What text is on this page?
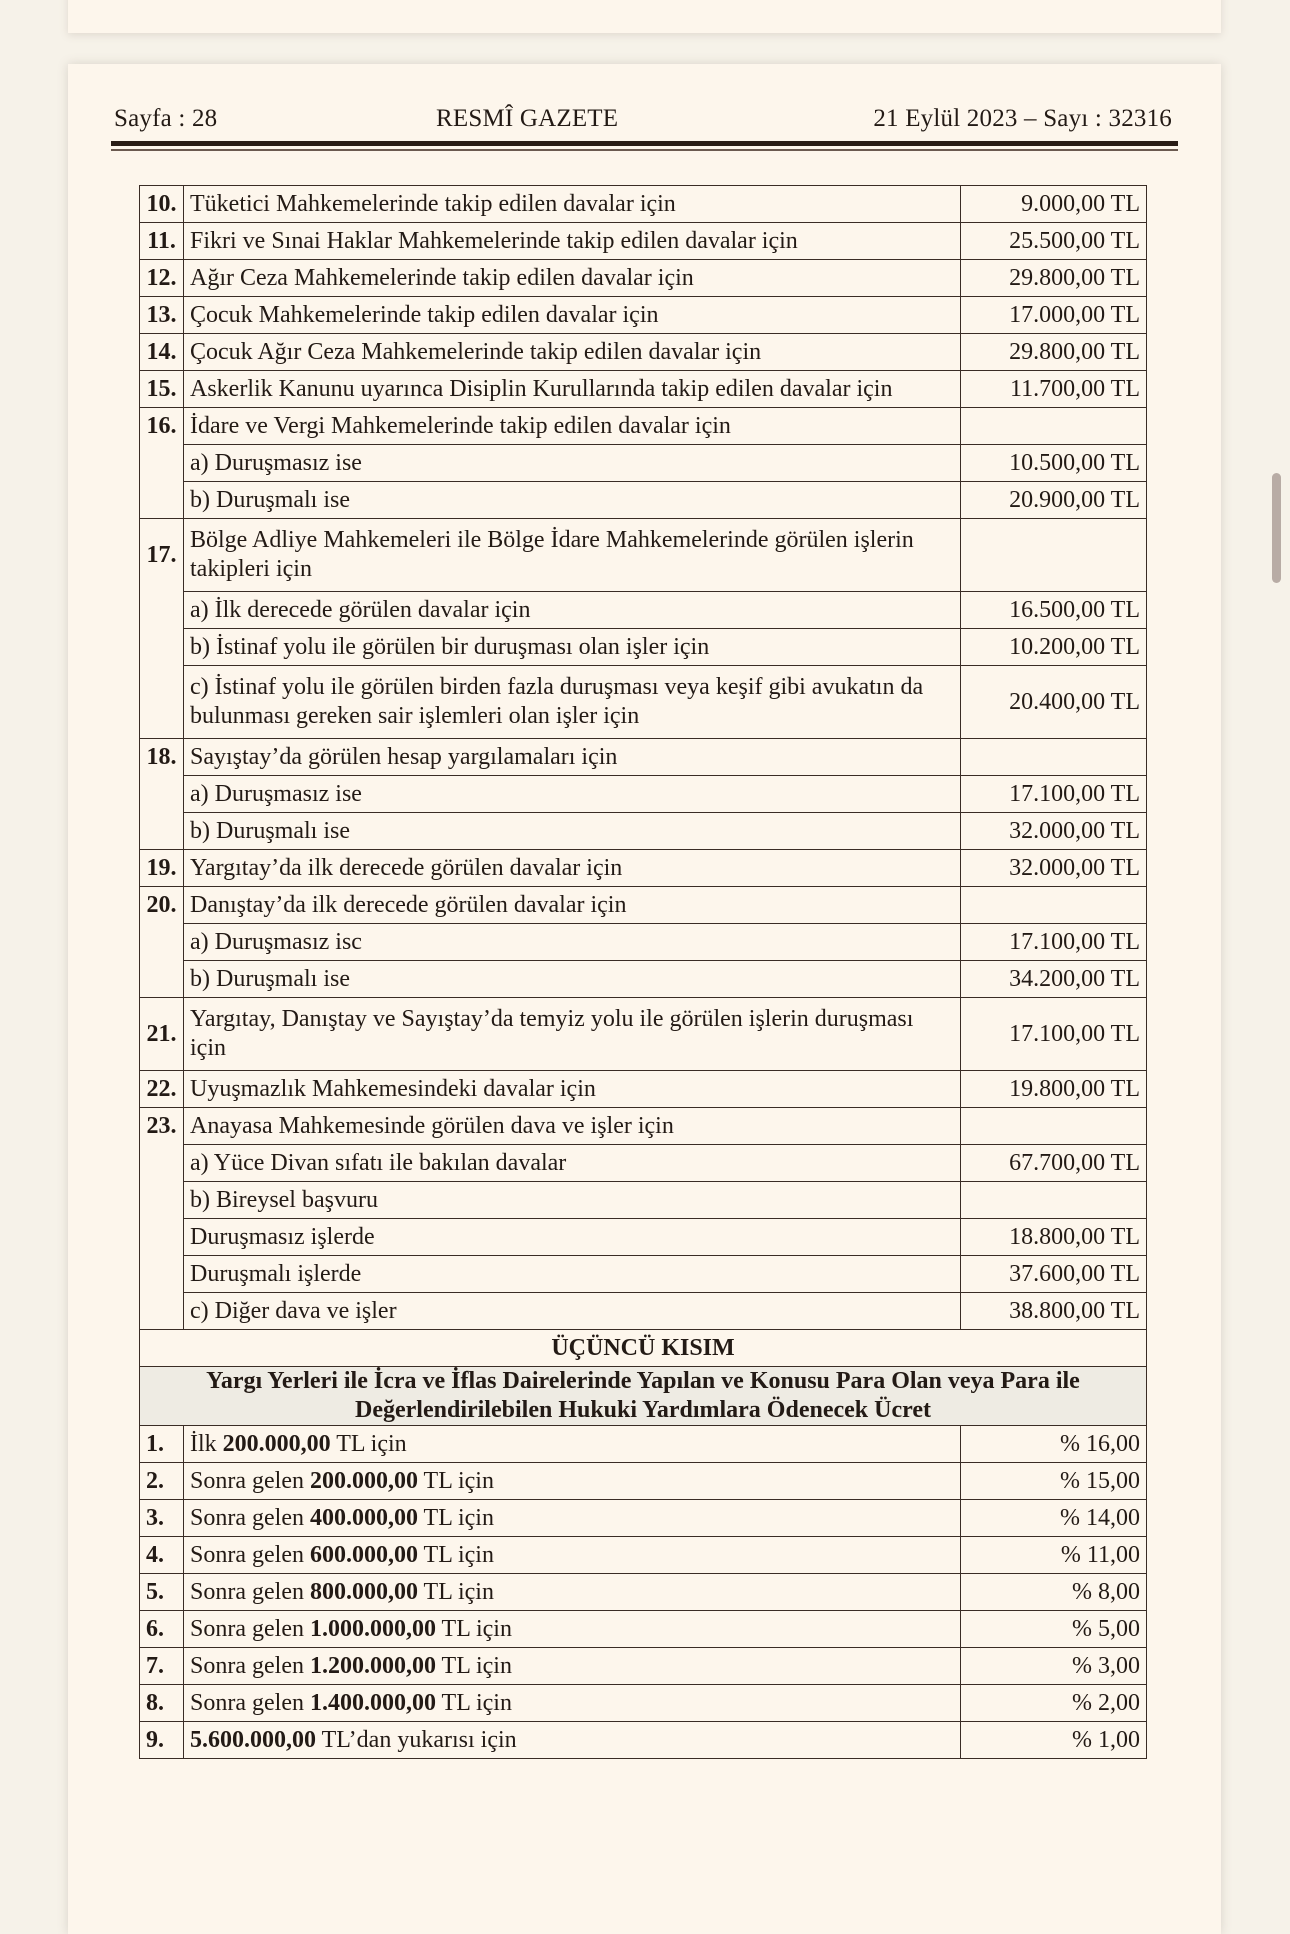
Sayfa : 28	RESMÎ GAZETE	21 Eylül 2023 – Sayı : 32316
10.	Tüketici Mahkemelerinde takip edilen davalar için	9.000,00 TL
11.	Fikri ve Sınai Haklar Mahkemelerinde takip edilen davalar için	25.500,00 TL
12.	Ağır Ceza Mahkemelerinde takip edilen davalar için	29.800,00 TL
13.	Çocuk Mahkemelerinde takip edilen davalar için	17.000,00 TL
14.	Çocuk Ağır Ceza Mahkemelerinde takip edilen davalar için	29.800,00 TL
15.	Askerlik Kanunu uyarınca Disiplin Kurullarında takip edilen davalar için	11.700,00 TL
16.	İdare ve Vergi Mahkemelerinde takip edilen davalar için	
	a) Duruşmasız ise	10.500,00 TL
	b) Duruşmalı ise	20.900,00 TL
17.	Bölge Adliye Mahkemeleri ile Bölge İdare Mahkemelerinde görülen işlerin takipleri için	
	a) İlk derecede görülen davalar için	16.500,00 TL
	b) İstinaf yolu ile görülen bir duruşması olan işler için	10.200,00 TL
	c) İstinaf yolu ile görülen birden fazla duruşması veya keşif gibi avukatın da bulunması gereken sair işlemleri olan işler için	20.400,00 TL
18.	Sayıştay’da görülen hesap yargılamaları için	
	a) Duruşmasız ise	17.100,00 TL
	b) Duruşmalı ise	32.000,00 TL
19.	Yargıtay’da ilk derecede görülen davalar için	32.000,00 TL
20.	Danıştay’da ilk derecede görülen davalar için	
	a) Duruşmasız isc	17.100,00 TL
	b) Duruşmalı ise	34.200,00 TL
21.	Yargıtay, Danıştay ve Sayıştay’da temyiz yolu ile görülen işlerin duruşması için	17.100,00 TL
22.	Uyuşmazlık Mahkemesindeki davalar için	19.800,00 TL
23.	Anayasa Mahkemesinde görülen dava ve işler için	
	a) Yüce Divan sıfatı ile bakılan davalar	67.700,00 TL
	b) Bireysel başvuru	
	Duruşmasız işlerde	18.800,00 TL
	Duruşmalı işlerde	37.600,00 TL
	c) Diğer dava ve işler	38.800,00 TL
ÜÇÜNCÜ KISIM		
Yargı Yerleri ile İcra ve İflas Dairelerinde Yapılan ve Konusu Para Olan veya Para ile Değerlendirilebilen Hukuki Yardımlara Ödenecek Ücret		
1.	İlk 200.000,00 TL için	% 16,00
2.	Sonra gelen 200.000,00 TL için	% 15,00
3.	Sonra gelen 400.000,00 TL için	% 14,00
4.	Sonra gelen 600.000,00 TL için	% 11,00
5.	Sonra gelen 800.000,00 TL için	% 8,00
6.	Sonra gelen 1.000.000,00 TL için	% 5,00
7.	Sonra gelen 1.200.000,00 TL için	% 3,00
8.	Sonra gelen 1.400.000,00 TL için	% 2,00
9.	5.600.000,00 TL’dan yukarısı için	% 1,00
